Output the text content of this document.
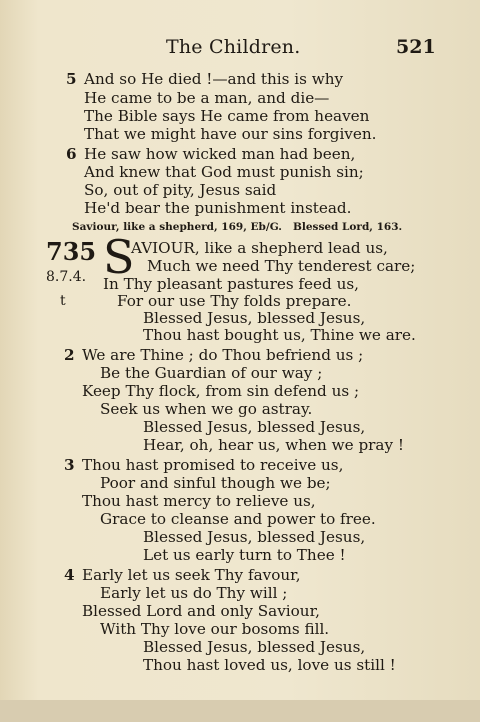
The Children.	521
5 And so He died !—and this is why
He came to be a man, and die—
The Bible says He came from heaven
That we might have our sins forgiven.
6 He saw how wicked man had been,
And knew that God must punish sin;
So, out of pity, Jesus said
He'd bear the punishment instead.
Saviour, like a shepherd, 169, Eb/G. Blessed Lord, 163.
735
8.7.4.
t
S
AVIOUR, like a shepherd lead us,
Much we need Thy tenderest care;
In Thy pleasant pastures feed us,
For our use Thy folds prepare.
Blessed Jesus, blessed Jesus,
Thou hast bought us, Thine we are.
2 We are Thine ; do Thou befriend us ;
Be the Guardian of our way ;
Keep Thy flock, from sin defend us ;
Seek us when we go astray.
Blessed Jesus, blessed Jesus,
Hear, oh, hear us, when we pray !
3 Thou hast promised to receive us,
Poor and sinful though we be;
Thou hast mercy to relieve us,
Grace to cleanse and power to free.
Blessed Jesus, blessed Jesus,
Let us early turn to Thee !
4 Early let us seek Thy favour,
Early let us do Thy will ;
Blessed Lord and only Saviour,
With Thy love our bosoms fill.
Blessed Jesus, blessed Jesus,
Thou hast loved us, love us still !
